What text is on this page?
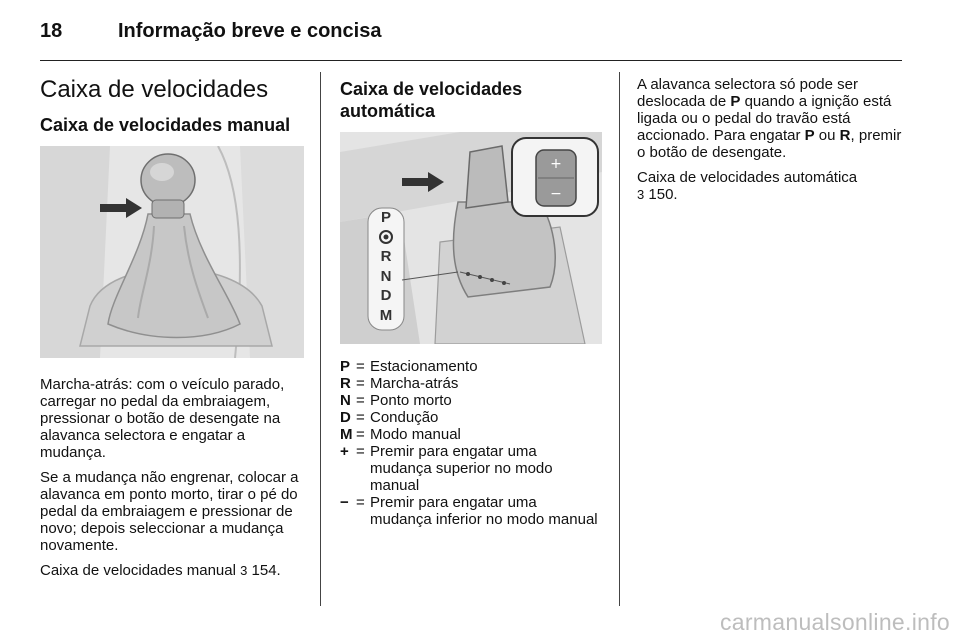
18	Informação breve e concisa
Caixa de velocidades
Caixa de velocidades manual

Marcha-atrás: com o veículo parado, carregar no pedal da embraiagem, pressionar o botão de desengate na alavanca selectora e engatar a mudança.

Se a mudança não engrenar, colocar a alavanca em ponto morto, tirar o pé do pedal da embraiagem e pressionar de novo; depois seleccionar a mudança novamente.

Caixa de velocidades manual 3 154.

Caixa de velocidades automática
+
−
P
R
N
D
M
P = Estacionamento
R = Marcha-atrás
N = Ponto morto
D = Condução
M = Modo manual
+ = Premir para engatar uma mudança superior no modo manual
− = Premir para engatar uma mudança inferior no modo manual

A alavanca selectora só pode ser deslocada de P quando a ignição está ligada ou o pedal do travão está accionado. Para engatar P ou R, premir o botão de desengate.

Caixa de velocidades automática
3 150.

carmanualsonline.info
